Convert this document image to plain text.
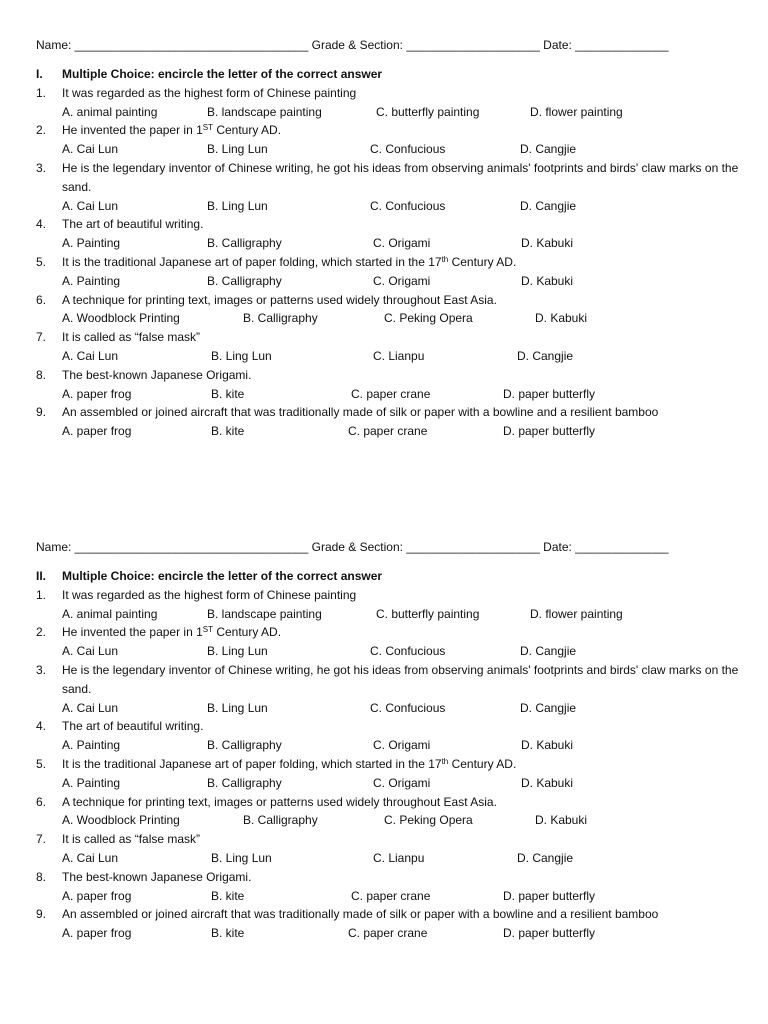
Name: ___________________________________ Grade & Section: ____________________ Date: ______________
I. Multiple Choice: encircle the letter of the correct answer
1. It was regarded as the highest form of Chinese painting
A. animal painting	B. landscape painting	C. butterfly painting	D. flower painting
2. He invented the paper in 1ST Century AD.
A. Cai Lun	B. Ling Lun	C. Confucious	D. Cangjie
3. He is the legendary inventor of Chinese writing, he got his ideas from observing animals' footprints and birds' claw marks on the sand.
A. Cai Lun	B. Ling Lun	C. Confucious	D. Cangjie
4. The art of beautiful writing.
A. Painting	B. Calligraphy	C. Origami	D. Kabuki
5. It is the traditional Japanese art of paper folding, which started in the 17th Century AD.
A. Painting	B. Calligraphy	C. Origami	D. Kabuki
6. A technique for printing text, images or patterns used widely throughout East Asia.
A. Woodblock Printing	B. Calligraphy	C. Peking Opera	D. Kabuki
7. It is called as “false mask”
A. Cai Lun	B. Ling Lun	C. Lianpu	D. Cangjie
8. The best-known Japanese Origami.
A. paper frog	B. kite	C. paper crane	D. paper butterfly
9. An assembled or joined aircraft that was traditionally made of silk or paper with a bowline and a resilient bamboo
A. paper frog	B. kite	C. paper crane	D. paper butterfly
Name: ___________________________________ Grade & Section: ____________________ Date: ______________
II. Multiple Choice: encircle the letter of the correct answer
1. It was regarded as the highest form of Chinese painting
A. animal painting	B. landscape painting	C. butterfly painting	D. flower painting
2. He invented the paper in 1ST Century AD.
A. Cai Lun	B. Ling Lun	C. Confucious	D. Cangjie
3. He is the legendary inventor of Chinese writing, he got his ideas from observing animals' footprints and birds' claw marks on the sand.
A. Cai Lun	B. Ling Lun	C. Confucious	D. Cangjie
4. The art of beautiful writing.
A. Painting	B. Calligraphy	C. Origami	D. Kabuki
5. It is the traditional Japanese art of paper folding, which started in the 17th Century AD.
A. Painting	B. Calligraphy	C. Origami	D. Kabuki
6. A technique for printing text, images or patterns used widely throughout East Asia.
A. Woodblock Printing	B. Calligraphy	C. Peking Opera	D. Kabuki
7. It is called as “false mask”
A. Cai Lun	B. Ling Lun	C. Lianpu	D. Cangjie
8. The best-known Japanese Origami.
A. paper frog	B. kite	C. paper crane	D. paper butterfly
9. An assembled or joined aircraft that was traditionally made of silk or paper with a bowline and a resilient bamboo
A. paper frog	B. kite	C. paper crane	D. paper butterfly
